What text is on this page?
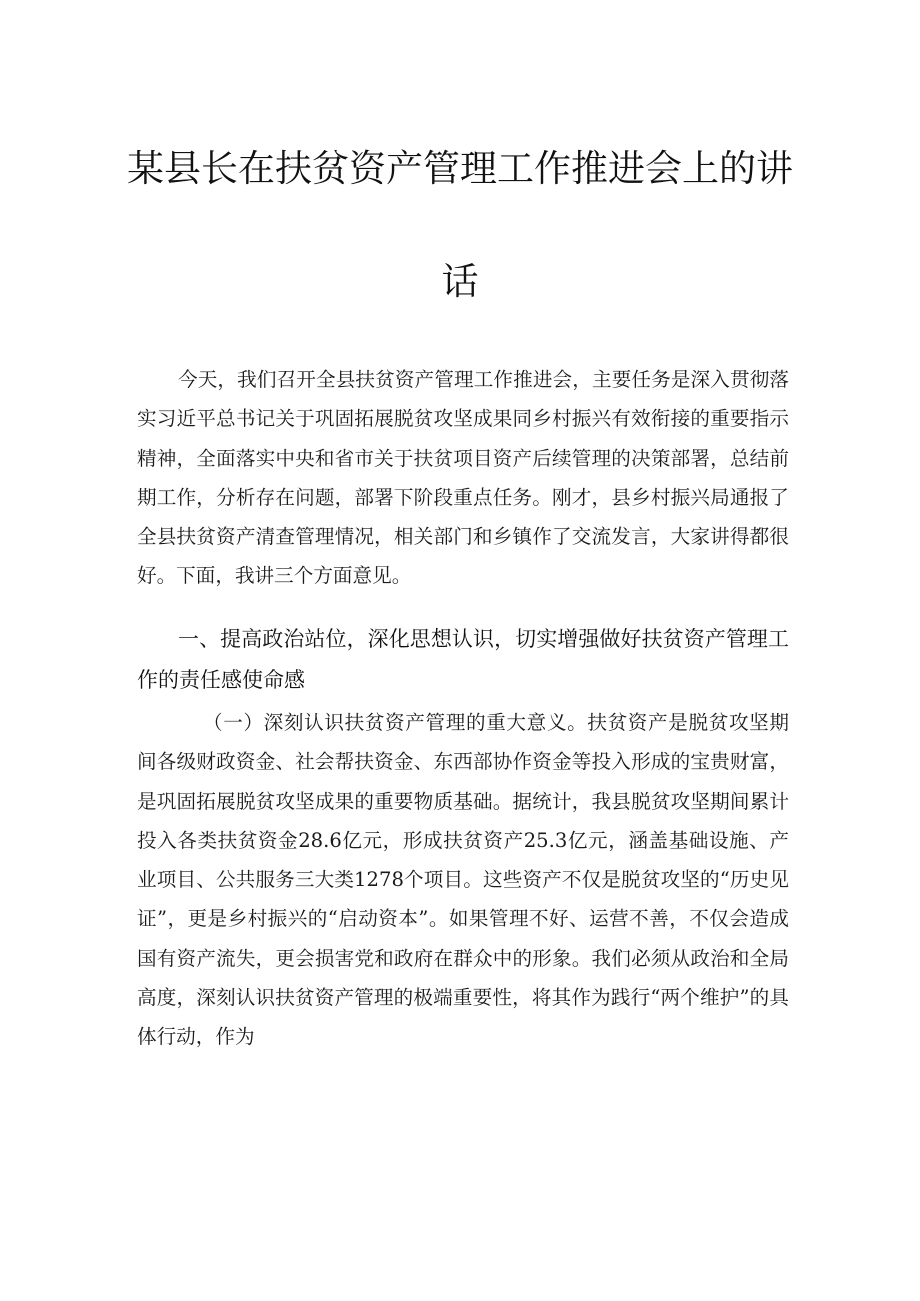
某县长在扶贫资产管理工作推进会上的讲
话

今天，我们召开全县扶贫资产管理工作推进会，主要任务是深入贯彻落实习近平总书记关于巩固拓展脱贫攻坚成果同乡村振兴有效衔接的重要指示精神，全面落实中央和省市关于扶贫项目资产后续管理的决策部署，总结前期工作，分析存在问题，部署下阶段重点任务。刚才，县乡村振兴局通报了全县扶贫资产清查管理情况，相关部门和乡镇作了交流发言，大家讲得都很好。下面，我讲三个方面意见。

一、提高政治站位，深化思想认识，切实增强做好扶贫资产管理工作的责任感使命感

（一）深刻认识扶贫资产管理的重大意义。扶贫资产是脱贫攻坚期间各级财政资金、社会帮扶资金、东西部协作资金等投入形成的宝贵财富，是巩固拓展脱贫攻坚成果的重要物质基础。据统计，我县脱贫攻坚期间累计投入各类扶贫资金28.6亿元，形成扶贫资产25.3亿元，涵盖基础设施、产业项目、公共服务三大类1278个项目。这些资产不仅是脱贫攻坚的“历史见证”，更是乡村振兴的“启动资本”。如果管理不好、运营不善，不仅会造成国有资产流失，更会损害党和政府在群众中的形象。我们必须从政治和全局高度，深刻认识扶贫资产管理的极端重要性，将其作为践行“两个维护”的具体行动，作为
